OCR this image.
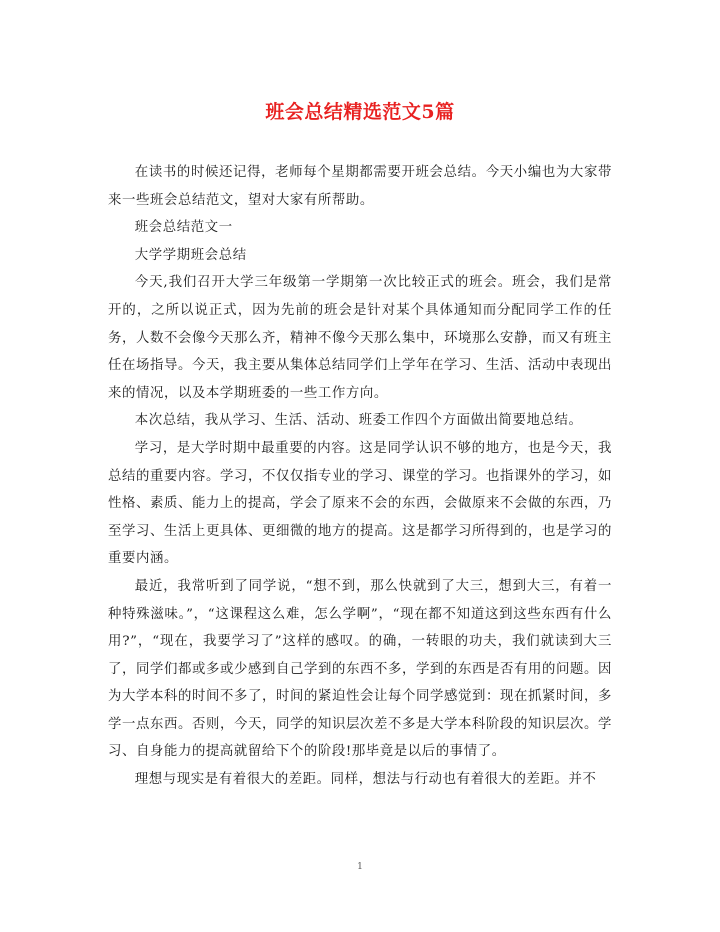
班会总结精选范文5篇

在读书的时候还记得，老师每个星期都需要开班会总结。今天小编也为大家带来一些班会总结范文，望对大家有所帮助。

班会总结范文一

大学学期班会总结

今天,我们召开大学三年级第一学期第一次比较正式的班会。班会，我们是常开的，之所以说正式，因为先前的班会是针对某个具体通知而分配同学工作的任务，人数不会像今天那么齐，精神不像今天那么集中，环境那么安静，而又有班主任在场指导。今天，我主要从集体总结同学们上学年在学习、生活、活动中表现出来的情况，以及本学期班委的一些工作方向。

本次总结，我从学习、生活、活动、班委工作四个方面做出简要地总结。

学习，是大学时期中最重要的内容。这是同学认识不够的地方，也是今天，我总结的重要内容。学习，不仅仅指专业的学习、课堂的学习。也指课外的学习，如性格、素质、能力上的提高，学会了原来不会的东西，会做原来不会做的东西，乃至学习、生活上更具体、更细微的地方的提高。这是都学习所得到的，也是学习的重要内涵。

最近，我常听到了同学说，“想不到，那么快就到了大三，想到大三，有着一种特殊滋味。”，“这课程这么难，怎么学啊”，“现在都不知道这到这些东西有什么用?”，“现在，我要学习了”这样的感叹。的确，一转眼的功夫，我们就读到大三了，同学们都或多或少感到自己学到的东西不多，学到的东西是否有用的问题。因为大学本科的时间不多了，时间的紧迫性会让每个同学感觉到：现在抓紧时间，多学一点东西。否则，今天，同学的知识层次差不多是大学本科阶段的知识层次。学习、自身能力的提高就留给下个的阶段!那毕竟是以后的事情了。

理想与现实是有着很大的差距。同样，想法与行动也有着很大的差距。并不

1
